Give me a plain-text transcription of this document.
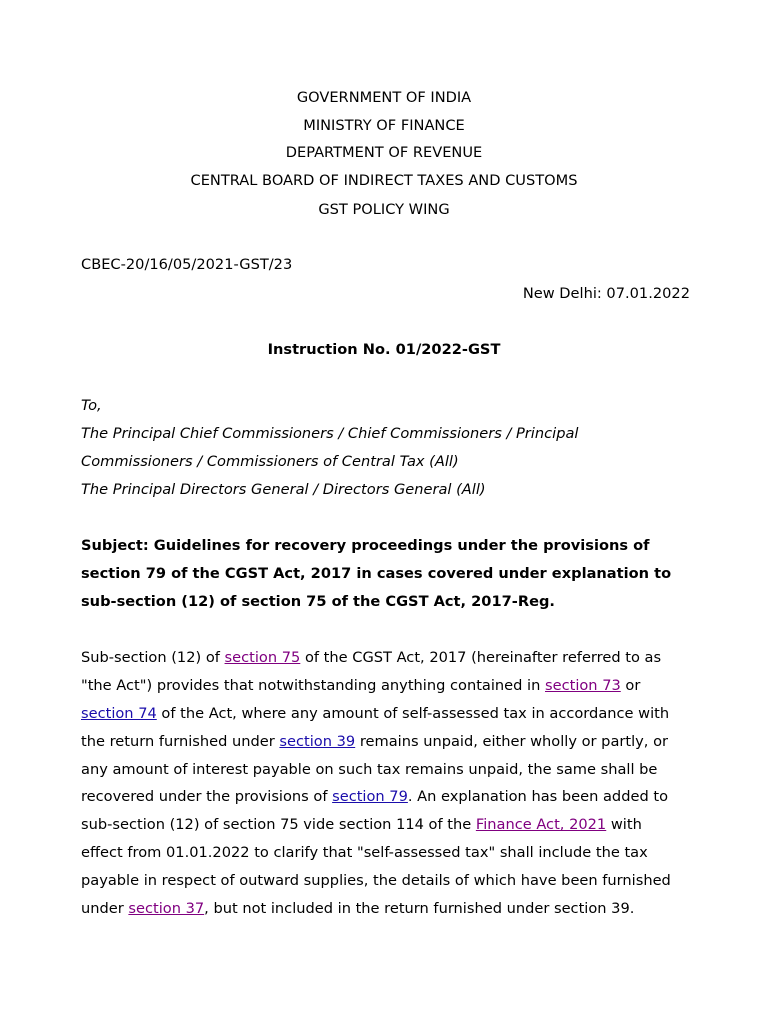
GOVERNMENT OF INDIA
MINISTRY OF FINANCE
DEPARTMENT OF REVENUE
CENTRAL BOARD OF INDIRECT TAXES AND CUSTOMS
GST POLICY WING
CBEC-20/16/05/2021-GST/23
New Delhi: 07.01.2022
Instruction No. 01/2022-GST
To,
The Principal Chief Commissioners / Chief Commissioners / Principal
Commissioners / Commissioners of Central Tax (All)
The Principal Directors General / Directors General (All)
Subject: Guidelines for recovery proceedings under the provisions of
section 79 of the CGST Act, 2017 in cases covered under explanation to
sub-section (12) of section 75 of the CGST Act, 2017-Reg.
Sub-section (12) of section 75 of the CGST Act, 2017 (hereinafter referred to as
"the Act") provides that notwithstanding anything contained in section 73 or
section 74 of the Act, where any amount of self-assessed tax in accordance with
the return furnished under section 39 remains unpaid, either wholly or partly, or
any amount of interest payable on such tax remains unpaid, the same shall be
recovered under the provisions of section 79. An explanation has been added to
sub-section (12) of section 75 vide section 114 of the Finance Act, 2021 with
effect from 01.01.2022 to clarify that "self-assessed tax" shall include the tax
payable in respect of outward supplies, the details of which have been furnished
under section 37, but not included in the return furnished under section 39.
